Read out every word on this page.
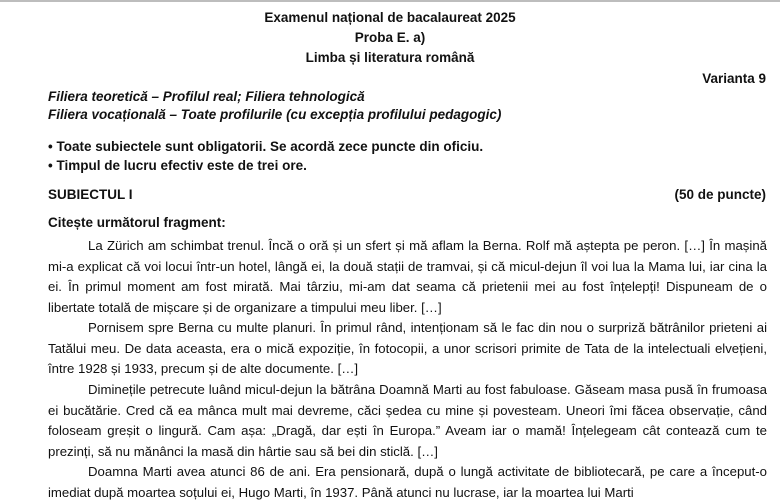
Examenul național de bacalaureat 2025
Proba E. a)
Limba și literatura română
Varianta 9
Filiera teoretică – Profilul real; Filiera tehnologică
Filiera vocațională – Toate profilurile (cu excepția profilului pedagogic)
• Toate subiectele sunt obligatorii. Se acordă zece puncte din oficiu.
• Timpul de lucru efectiv este de trei ore.
SUBIECTUL I	(50 de puncte)
Citește următorul fragment:

La Zürich am schimbat trenul. Încă o oră și un sfert și mă aflam la Berna. Rolf mă aștepta pe peron. […] În mașină mi-a explicat că voi locui într-un hotel, lângă ei, la două stații de tramvai, și că micul-dejun îl voi lua la Mama lui, iar cina la ei. În primul moment am fost mirată. Mai târziu, mi-am dat seama că prietenii mei au fost înțelepți! Dispuneam de o libertate totală de mișcare și de organizare a timpului meu liber. […]

Pornisem spre Berna cu multe planuri. În primul rând, intenționam să le fac din nou o surpriză bătrânilor prieteni ai Tatălui meu. De data aceasta, era o mică expoziție, în fotocopii, a unor scrisori primite de Tata de la intelectuali elvețieni, între 1928 și 1933, precum și de alte documente. […]

Diminețile petrecute luând micul-dejun la bătrâna Doamnă Marti au fost fabuloase. Găseam masa pusă în frumoasa ei bucătărie. Cred că ea mânca mult mai devreme, căci ședea cu mine și povesteam. Uneori îmi făcea observație, când foloseam greșit o lingură. Cam așa: „Dragă, dar ești în Europa.” Aveam iar o mamă! Înțelegeam cât contează cum te prezinți, să nu mănânci la masă din hârtie sau să bei din sticlă. […]

Doamna Marti avea atunci 86 de ani. Era pensionară, după o lungă activitate de bibliotecară, pe care a început-o imediat după moartea soțului ei, Hugo Marti, în 1937. Până atunci nu lucrase, iar la moartea lui Marti
